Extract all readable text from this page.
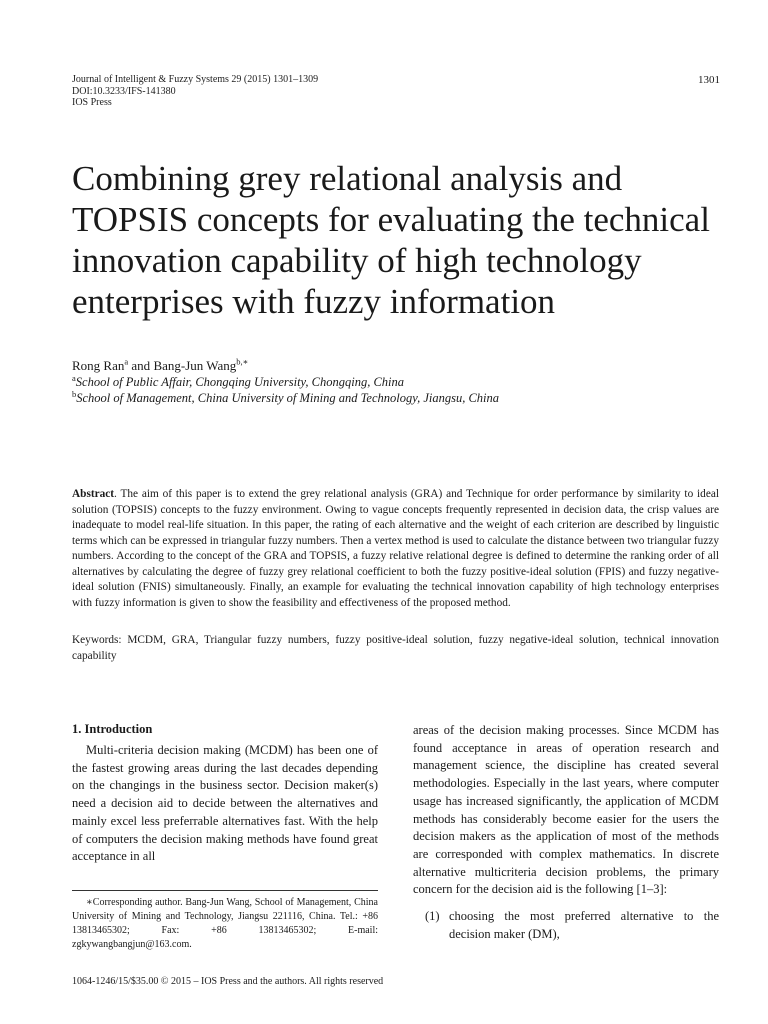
Journal of Intelligent & Fuzzy Systems 29 (2015) 1301–1309
DOI:10.3233/IFS-141380
IOS Press
1301
Combining grey relational analysis and TOPSIS concepts for evaluating the technical innovation capability of high technology enterprises with fuzzy information
Rong Ran$^a$ and Bang-Jun Wang$^{b,∗}$
$^a$School of Public Affair, Chongqing University, Chongqing, China
$^b$School of Management, China University of Mining and Technology, Jiangsu, China
Abstract. The aim of this paper is to extend the grey relational analysis (GRA) and Technique for order performance by similarity to ideal solution (TOPSIS) concepts to the fuzzy environment. Owing to vague concepts frequently represented in decision data, the crisp values are inadequate to model real-life situation. In this paper, the rating of each alternative and the weight of each criterion are described by linguistic terms which can be expressed in triangular fuzzy numbers. Then a vertex method is used to calculate the distance between two triangular fuzzy numbers. According to the concept of the GRA and TOPSIS, a fuzzy relative relational degree is defined to determine the ranking order of all alternatives by calculating the degree of fuzzy grey relational coefficient to both the fuzzy positive-ideal solution (FPIS) and fuzzy negative-ideal solution (FNIS) simultaneously. Finally, an example for evaluating the technical innovation capability of high technology enterprises with fuzzy information is given to show the feasibility and effectiveness of the proposed method.
Keywords: MCDM, GRA, Triangular fuzzy numbers, fuzzy positive-ideal solution, fuzzy negative-ideal solution, technical innovation capability
1. Introduction

Multi-criteria decision making (MCDM) has been one of the fastest growing areas during the last decades depending on the changings in the business sector. Decision maker(s) need a decision aid to decide between the alternatives and mainly excel less preferrable alternatives fast. With the help of computers the decision making methods have found great acceptance in all

areas of the decision making processes. Since MCDM has found acceptance in areas of operation research and management science, the discipline has created several methodologies. Especially in the last years, where computer usage has increased significantly, the application of MCDM methods has considerably become easier for the users the decision makers as the application of most of the methods are corresponded with complex mathematics. In discrete alternative multicriteria decision problems, the primary concern for the decision aid is the following [1–3]:

(1) choosing the most preferred alternative to the decision maker (DM),
∗Corresponding author. Bang-Jun Wang, School of Management, China University of Mining and Technology, Jiangsu 221116, China. Tel.: +86 13813465302; Fax: +86 13813465302; E-mail: zgkywangbangjun@163.com.
1064-1246/15/$35.00 © 2015 – IOS Press and the authors. All rights reserved
